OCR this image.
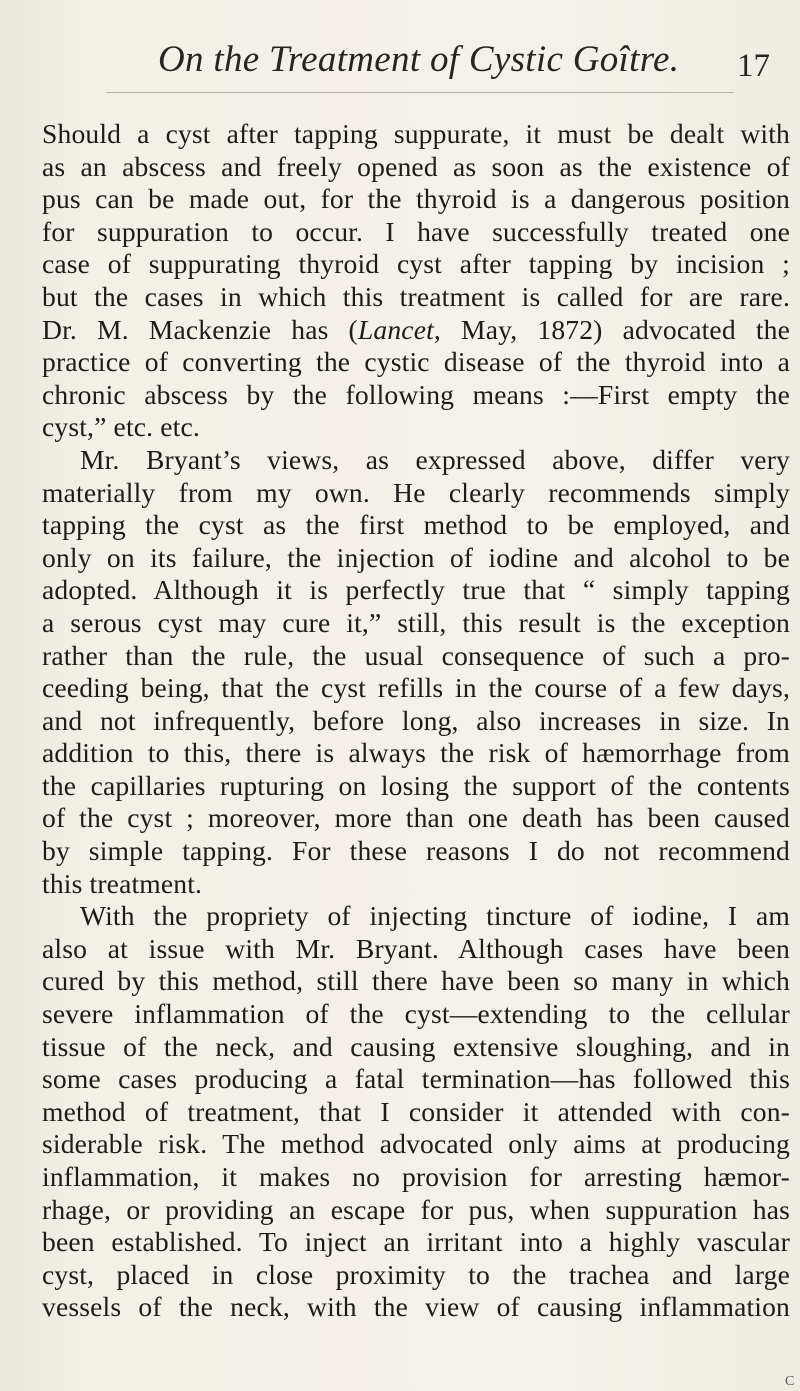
On the Treatment of Cystic Goître. 17
Should a cyst after tapping suppurate, it must be dealt with
as an abscess and freely opened as soon as the existence of
pus can be made out, for the thyroid is a dangerous position
for suppuration to occur. I have successfully treated one
case of suppurating thyroid cyst after tapping by incision ;
but the cases in which this treatment is called for are rare.
Dr. M. Mackenzie has (Lancet, May, 1872) advocated the
practice of converting the cystic disease of the thyroid into a
chronic abscess by the following means :—First empty the
cyst,” etc. etc.
Mr. Bryant’s views, as expressed above, differ very
materially from my own. He clearly recommends simply
tapping the cyst as the first method to be employed, and
only on its failure, the injection of iodine and alcohol to be
adopted. Although it is perfectly true that “ simply tapping
a serous cyst may cure it,” still, this result is the exception
rather than the rule, the usual consequence of such a pro-
ceeding being, that the cyst refills in the course of a few days,
and not infrequently, before long, also increases in size. In
addition to this, there is always the risk of hæmorrhage from
the capillaries rupturing on losing the support of the contents
of the cyst ; moreover, more than one death has been caused
by simple tapping. For these reasons I do not recommend
this treatment.
With the propriety of injecting tincture of iodine, I am
also at issue with Mr. Bryant. Although cases have been
cured by this method, still there have been so many in which
severe inflammation of the cyst—extending to the cellular
tissue of the neck, and causing extensive sloughing, and in
some cases producing a fatal termination—has followed this
method of treatment, that I consider it attended with con-
siderable risk. The method advocated only aims at producing
inflammation, it makes no provision for arresting hæmor-
rhage, or providing an escape for pus, when suppuration has
been established. To inject an irritant into a highly vascular
cyst, placed in close proximity to the trachea and large
vessels of the neck, with the view of causing inflammation
C
